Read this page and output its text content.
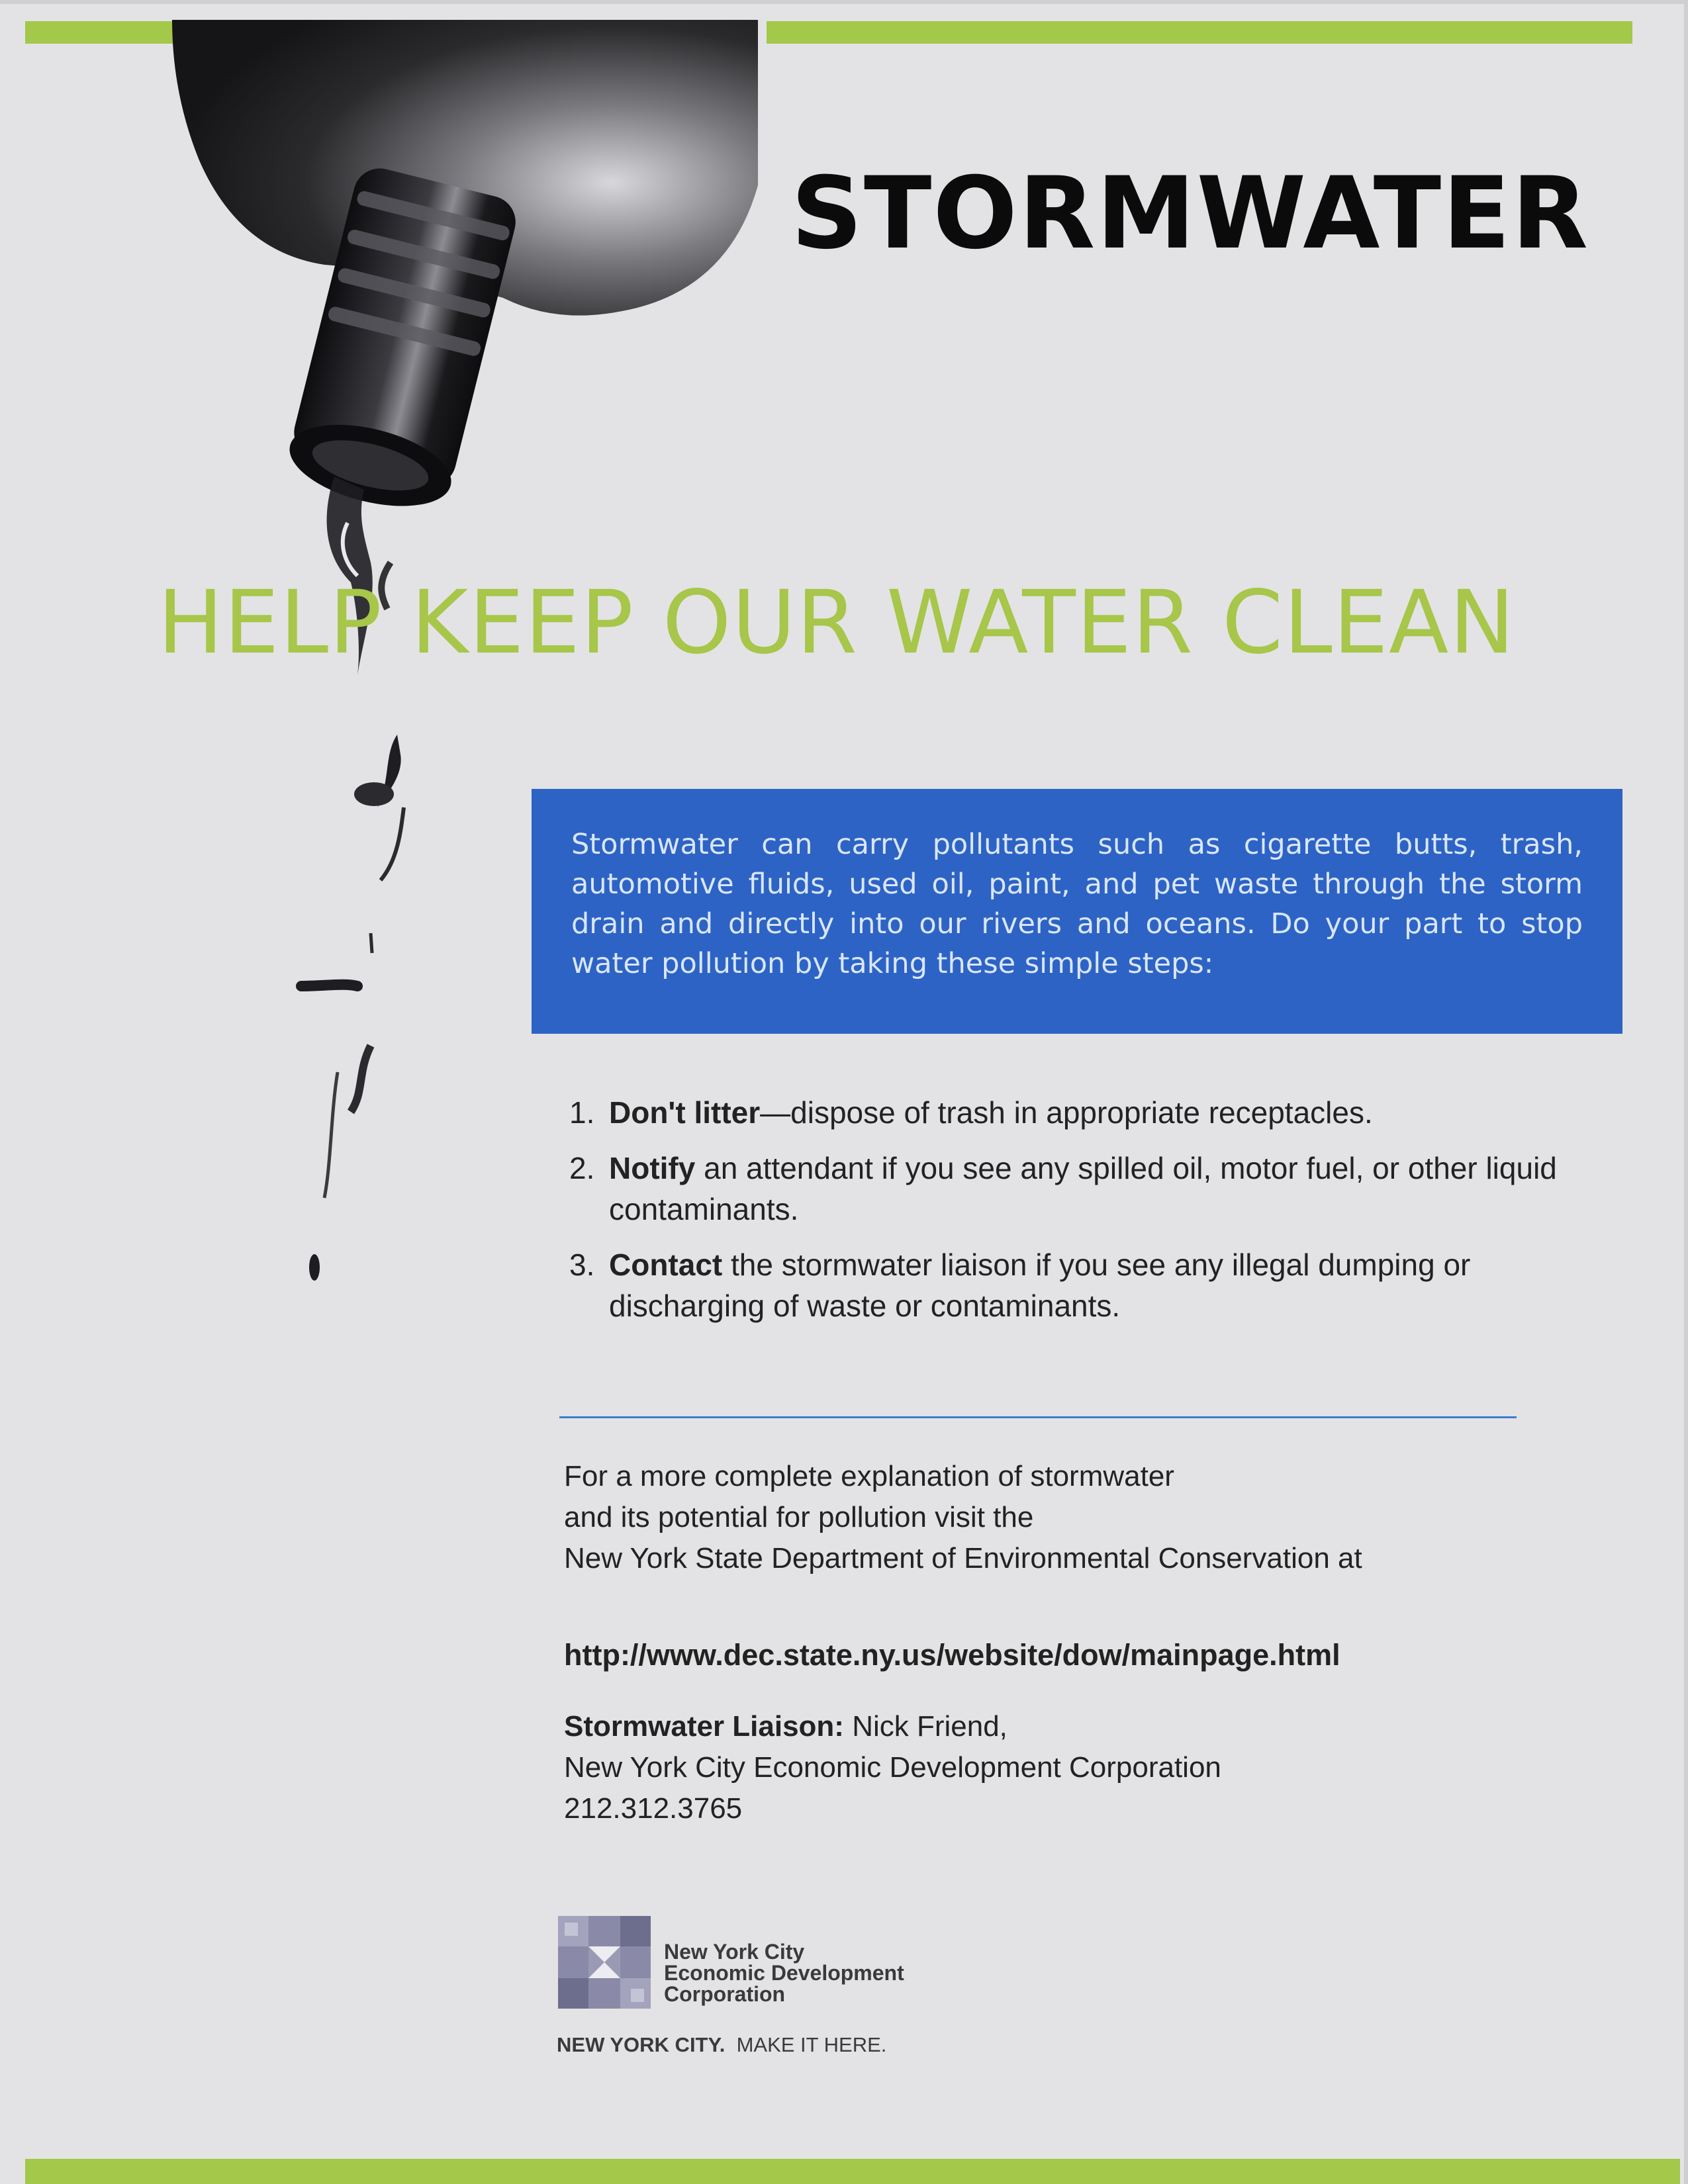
STORMWATER
HELP KEEP OUR WATER CLEAN

Stormwater can carry pollutants such as cigarette butts, trash, automotive fluids, used oil, paint, and pet waste through the storm drain and directly into our rivers and oceans. Do your part to stop water pollution by taking these simple steps:

1. Don't litter—dispose of trash in appropriate receptacles.
2. Notify an attendant if you see any spilled oil, motor fuel, or other liquid contaminants.
3. Contact the stormwater liaison if you see any illegal dumping or discharging of waste or contaminants.
For a more complete explanation of stormwater
and its potential for pollution visit the
New York State Department of Environmental Conservation at
http://www.dec.state.ny.us/website/dow/mainpage.html
Stormwater Liaison: Nick Friend,
New York City Economic Development Corporation
212.312.3765
New York City
Economic Development
Corporation
NEW YORK CITY.  MAKE IT HERE.
